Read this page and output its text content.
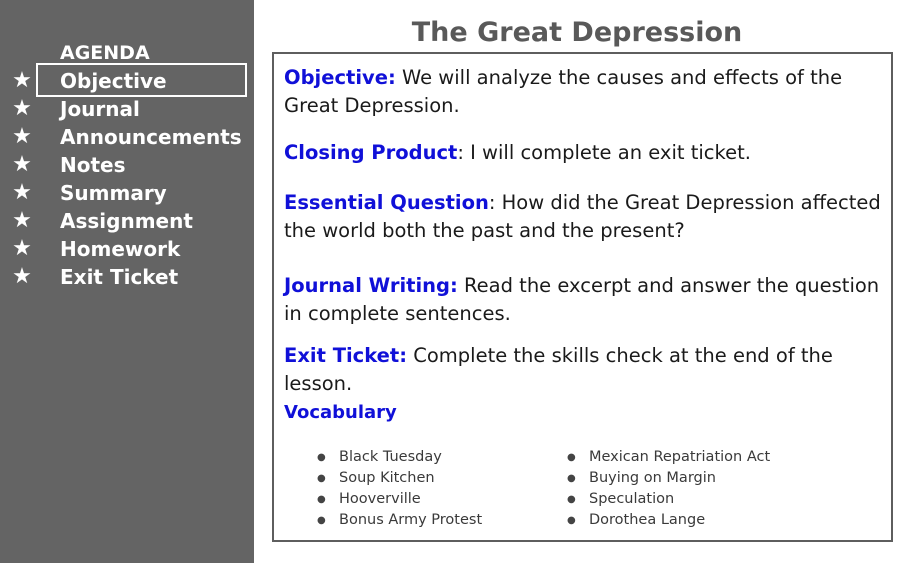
AGENDA
★ Objective
★ Journal
★ Announcements
★ Notes
★ Summary
★ Assignment
★ Homework
★ Exit Ticket
The Great Depression
Objective: We will analyze the causes and effects of the Great Depression.
Closing Product: I will complete an exit ticket.
Essential Question: How did the Great Depression affected the world both the past and the present?
Journal Writing: Read the excerpt and answer the question in complete sentences.
Exit Ticket: Complete the skills check at the end of the lesson.
Vocabulary
● Black Tuesday
● Soup Kitchen
● Hooverville
● Bonus Army Protest
● Mexican Repatriation Act
● Buying on Margin
● Speculation
● Dorothea Lange
